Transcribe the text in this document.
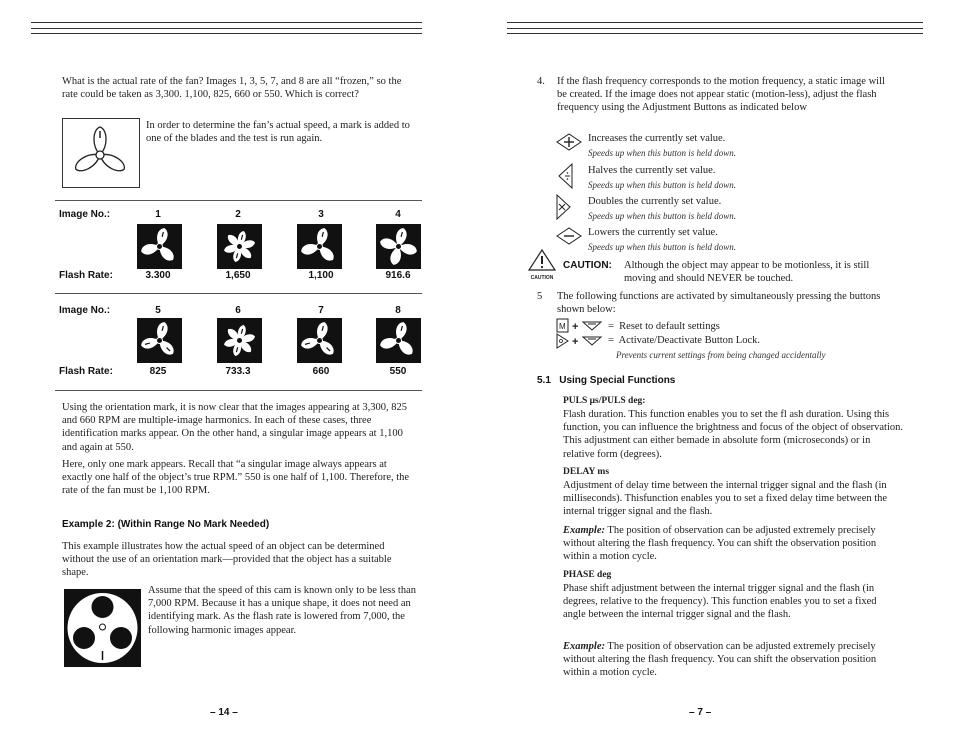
What is the actual rate of the fan? Images 1, 3, 5, 7, and 8 are all “frozen,” so the rate could be taken as 3,300. 1,100, 825, 660 or 550. Which is correct?
In order to determine the fan’s actual speed, a mark is added to one of the blades and the test is run again.
Image No.:	1	2	3	4
Flash Rate:	3.300	1,650	1,100	916.6
Image No.:	5	6	7	8
Flash Rate:	825	733.3	660	550
Using the orientation mark, it is now clear that the images appearing at 3,300, 825 and 660 RPM are multiple-image harmonics. In each of these cases, three identification marks appear. On the other hand, a singular image appears at 1,100 and again at 550.
Here, only one mark appears. Recall that “a singular image always appears at exactly one half of the object’s true RPM.” 550 is one half of 1,100. Therefore, the rate of the fan must be 1,100 RPM.
Example 2: (Within Range No Mark Needed)
This example illustrates how the actual speed of an object can be determined without the use of an orientation mark—provided that the object has a suitable shape.
Assume that the speed of this cam is known only to be less than 7,000 RPM. Because it has a unique shape, it does not need an identifying mark. As the flash rate is lowered from 7,000, the following harmonic images appear.
– 14 –
4. If the flash frequency corresponds to the motion frequency, a static image will be created. If the image does not appear static (motion-less), adjust the flash frequency using the Adjustment Buttons as indicated below
Increases the currently set value.
Speeds up when this button is held down.
Halves the currently set value.
Speeds up when this button is held down.
Doubles the currently set value.
Speeds up when this button is held down.
Lowers the currently set value.
Speeds up when this button is held down.
CAUTION
CAUTION: Although the object may appear to be motionless, it is still moving and should NEVER be touched.
5 The following functions are activated by simultaneously pressing the buttons shown below:
M +	=  Reset to default settings
+	=  Activate/Deactivate Button Lock.
Prevents current settings from being changed accidentally
5.1   Using Special Functions
PULS μs/PULS deg:
Flash duration. This function enables you to set the fl ash duration. Using this function, you can influence the brightness and focus of the object of observation. This adjustment can either bemade in absolute form (microseconds) or in relative form (degrees).
DELAY ms
Adjustment of delay time between the internal trigger signal and the flash (in milliseconds). Thisfunction enables you to set a fixed delay time between the internal trigger signal and the flash.
Example: The position of observation can be adjusted extremely precisely without altering the flash frequency. You can shift the observation position within a motion cycle.
PHASE deg
Phase shift adjustment between the internal trigger signal and the flash (in degrees, relative to the frequency). This function enables you to set a fixed angle between the internal trigger signal and the flash.
Example: The position of observation can be adjusted extremely precisely without altering the flash frequency. You can shift the observation position within a motion cycle.
– 7 –
